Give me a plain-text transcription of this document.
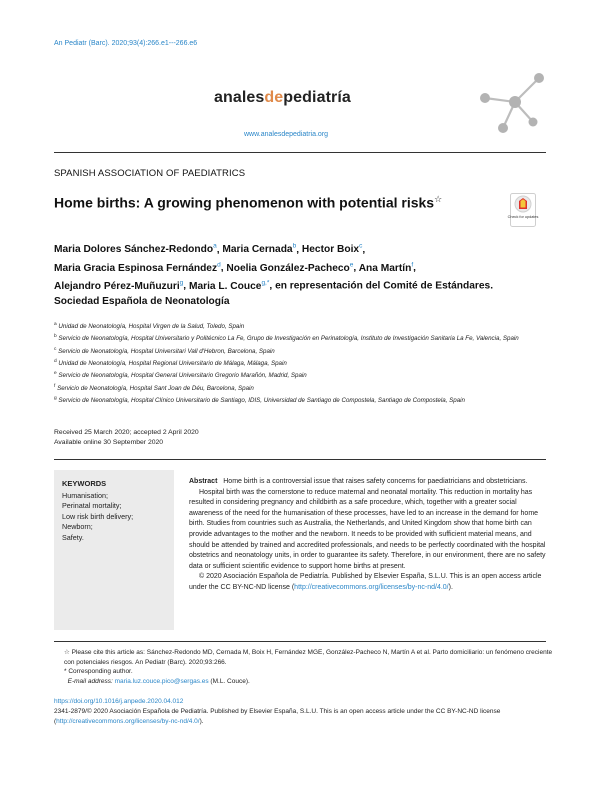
An Pediatr (Barc). 2020;93(4):266.e1---266.e6
analesdepediatría
www.analesdepediatria.org
SPANISH ASSOCIATION OF PAEDIATRICS
Home births: A growing phenomenon with potential risks☆
Check for updates
Maria Dolores Sánchez-Redondo$^a$, Maria Cernada$^b$, Hector Boix$^c$,
Maria Gracia Espinosa Fernández$^d$, Noelia González-Pacheco$^e$, Ana Martín$^f$,
Alejandro Pérez-Muñuzuri$^g$, Maria L. Couce$^{g,*}$, en representación del Comité de Estándares. Sociedad Española de Neonatología
$^a$ Unidad de Neonatología, Hospital Virgen de la Salud, Toledo, Spain
$^b$ Servicio de Neonatología, Hospital Universitario y Politécnico La Fe, Grupo de Investigación en Perinatología, Instituto de Investigación Sanitaria La Fe, Valencia, Spain
$^c$ Servicio de Neonatología, Hospital Universitari Vall d'Hebron, Barcelona, Spain
$^d$ Unidad de Neonatología, Hospital Regional Universitario de Málaga, Málaga, Spain
$^e$ Servicio de Neonatología, Hospital General Universitario Gregorio Marañón, Madrid, Spain
$^f$ Servicio de Neonatología, Hospital Sant Joan de Déu, Barcelona, Spain
$^g$ Servicio de Neonatología, Hospital Clínico Universitario de Santiago, IDIS, Universidad de Santiago de Compostela, Santiago de Compostela, Spain
Received 25 March 2020; accepted 2 April 2020
Available online 30 September 2020
KEYWORDS
Humanisation;
Perinatal mortality;
Low risk birth delivery;
Newborn;
Safety.

Abstract Home birth is a controversial issue that raises safety concerns for paediatricians and obstetricians.

Hospital birth was the cornerstone to reduce maternal and neonatal mortality. This reduction in mortality has resulted in considering pregnancy and childbirth as a safe procedure, which, together with a greater social awareness of the need for the humanisation of these processes, have led to an increase in the demand for home birth. Studies from countries such as Australia, the Netherlands, and United Kingdom show that home birth can provide advantages to the mother and the newborn. It needs to be provided with sufficient material means, and should be attended by trained and accredited professionals, and needs to be perfectly coordinated with the hospital obstetrics and neonatology units, in order to guarantee its safety. Therefore, in our environment, there are no safety data or sufficient scientific evidence to support home births at present.

© 2020 Asociación Española de Pediatría. Published by Elsevier España, S.L.U. This is an open access article under the CC BY-NC-ND license (http://creativecommons.org/licenses/by-nc-nd/4.0/).

☆ Please cite this article as: Sánchez-Redondo MD, Cernada M, Boix H, Fernández MGE, González-Pacheco N, Martín A et al. Parto domiciliario: un fenómeno creciente con potenciales riesgos. An Pediatr (Barc). 2020;93:266.

* Corresponding author.

E-mail address: maria.luz.couce.pico@sergas.es (M.L. Couce).

https://doi.org/10.1016/j.anpede.2020.04.012
2341-2879/© 2020 Asociación Española de Pediatría. Published by Elsevier España, S.L.U. This is an open access article under the CC BY-NC-ND license (http://creativecommons.org/licenses/by-nc-nd/4.0/).
